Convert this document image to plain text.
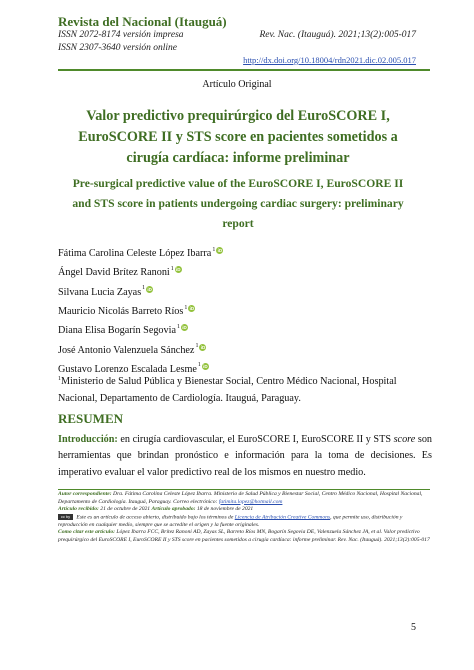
Revista del Nacional (Itauguá)
ISSN 2072-8174 versión impresa
ISSN 2307-3640 versión online
Rev. Nac. (Itauguá). 2021;13(2):005-017
http://dx.doi.org/10.18004/rdn2021.dic.02.005.017
Artículo Original
Valor predictivo prequirúrgico del EuroSCORE I, EuroSCORE II y STS score en pacientes sometidos a cirugía cardíaca: informe preliminar
Pre-surgical predictive value of the EuroSCORE I, EuroSCORE II and STS score in patients undergoing cardiac surgery: preliminary report
Fátima Carolina Celeste López Ibarra 1 iD
Ángel David Brítez Ranoni 1 iD
Silvana Lucia Zayas 1 iD
Mauricio Nicolás Barreto Ríos 1 iD
Diana Elisa Bogarín Segovia 1 iD
José Antonio Valenzuela Sánchez 1 iD
Gustavo Lorenzo Escalada Lesme 1 iD
$^1$Ministerio de Salud Pública y Bienestar Social, Centro Médico Nacional, Hospital Nacional, Departamento de Cardiología. Itauguá, Paraguay.
RESUMEN
Introducción: en cirugía cardiovascular, el EuroSCORE I, EuroSCORE II y STS score son herramientas que brindan pronóstico e información para la toma de decisiones. Es imperativo evaluar el valor predictivo real de los mismos en nuestro medio.
Autor correspondiente: Dra. Fátima Carolina Celeste López Ibarra. Ministerio de Salud Pública y Bienestar Social, Centro Médico Nacional, Hospital Nacional, Departamento de Cardiología. Itauguá, Paraguay. Correo electrónico: fatimita.lopez@hotmail.com
Artículo recibido: 21 de octubre de 2021 Artículo aprobado: 18 de noviembre de 2021
cc by Este es un artículo de acceso abierto, distribuido bajo los términos de Licencia de Atribución Creative Commons, que permite uso, distribución y reproducción en cualquier medio, siempre que se acredite el origen y la fuente originales.
Como citar este artículo: López Ibarra FCC, Brítez Ranoni AD, Zayas SL, Barreto Ríos MN, Bogarín Segovia DE, Valenzuela Sánchez JA, et al. Valor predictivo prequirúrgico del EuroSCORE I, EuroSCORE II y STS score en pacientes sometidos a cirugía cardíaca: informe preliminar. Rev. Nac. (Itauguá). 2021;13(2):005-017
5
